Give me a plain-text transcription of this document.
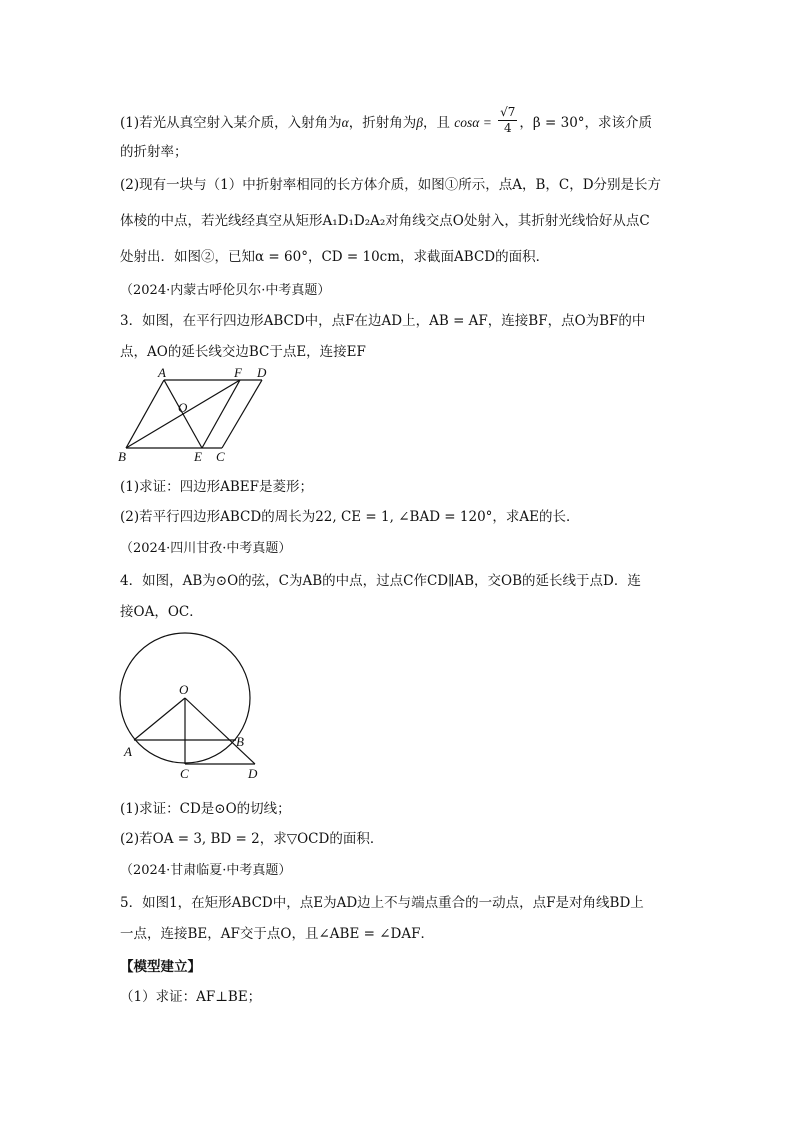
(1)若光从真空射入某介质，入射角为α，折射角为β，且 $\cos\alpha = \frac{√7}{4}$ ，β = 30°，求该介质
的折射率；
(2)现有一块与（1）中折射率相同的长方体介质，如图①所示，点A，B，C，D分别是长方
体棱的中点，若光线经真空从矩形A₁D₁D₂A₂对角线交点O处射入，其折射光线恰好从点C
处射出．如图②，已知α = 60°，CD = 10cm，求截面ABCD的面积．
（2024·内蒙古呼伦贝尔·中考真题）
3．如图，在平行四边形ABCD中，点F在边AD上，AB = AF，连接BF，点O为BF的中
点，AO的延长线交边BC于点E，连接EF
A	F D
O
B	E C
(1)求证：四边形ABEF是菱形；
(2)若平行四边形ABCD的周长为22, CE = 1, ∠BAD = 120°，求AE的长．
（2024·四川甘孜·中考真题）
4．如图，AB为⊙O的弦，C为AB的中点，过点C作CD∥AB，交OB的延长线于点D．连
接OA，OC．
O
A
B
C	D
(1)求证：CD是⊙O的切线；
(2)若OA = 3, BD = 2，求▽OCD的面积．
（2024·甘肃临夏·中考真题）
5．如图1，在矩形ABCD中，点E为AD边上不与端点重合的一动点，点F是对角线BD上
一点，连接BE，AF交于点O，且∠ABE = ∠DAF．
【模型建立】
（1）求证：AF⊥BE；
